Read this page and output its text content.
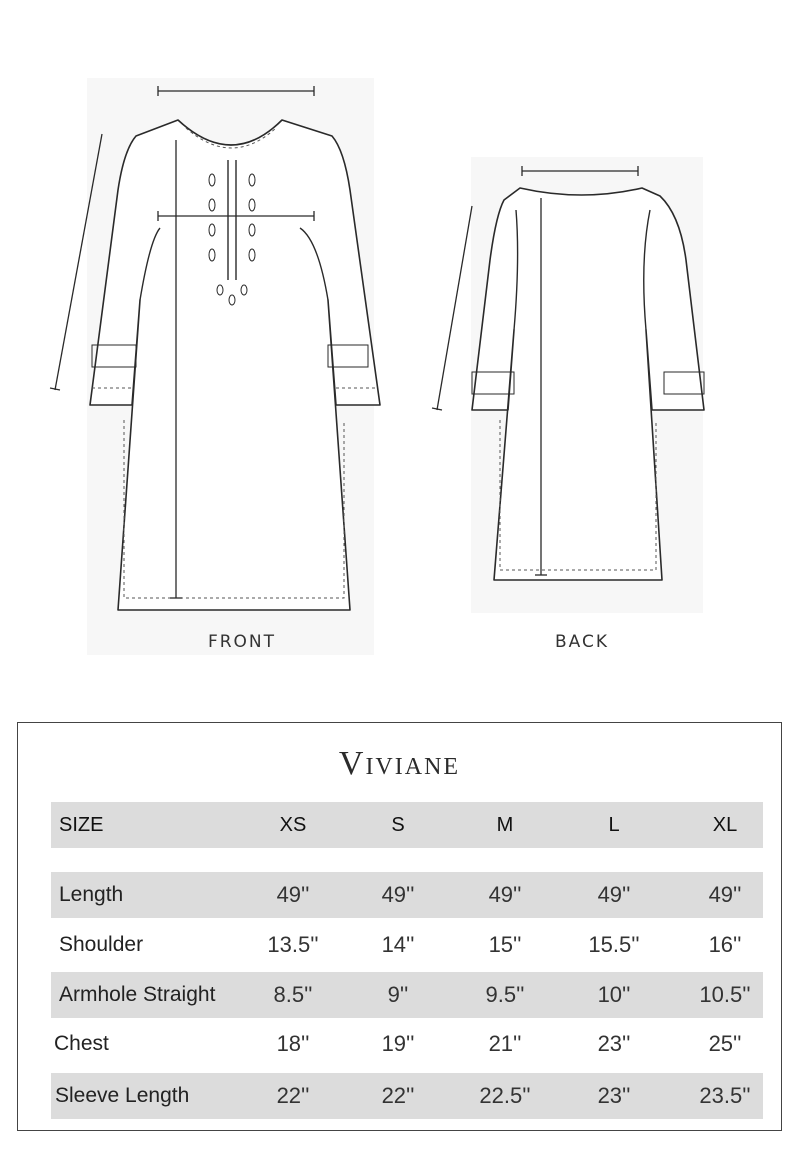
FRONT	BACK
Viviane
SIZE	XS	S	M	L	XL
Length	49''	49''	49''	49''	49''
Shoulder	13.5''	14''	15''	15.5''	16''
Armhole Straight	8.5''	9''	9.5''	10''	10.5''
Chest	18''	19''	21''	23''	25''
Sleeve Length	22''	22''	22.5''	23''	23.5''
